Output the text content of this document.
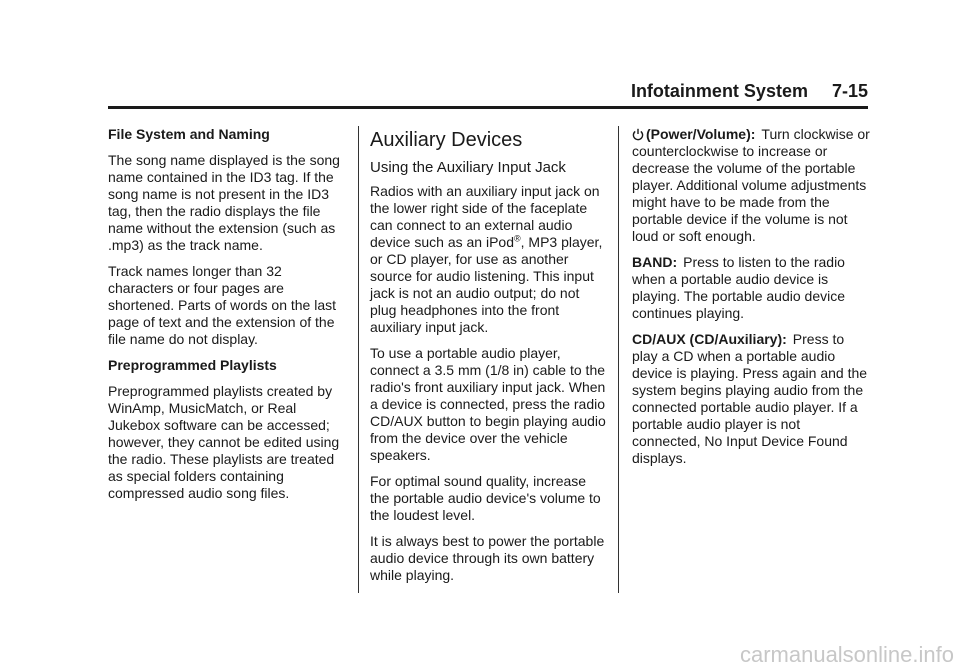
Infotainment System 7-15

File System and Naming

The song name displayed is the song name contained in the ID3 tag. If the song name is not present in the ID3 tag, then the radio displays the file name without the extension (such as .mp3) as the track name.

Track names longer than 32 characters or four pages are shortened. Parts of words on the last page of text and the extension of the file name do not display.

Preprogrammed Playlists

Preprogrammed playlists created by WinAmp, MusicMatch, or Real Jukebox software can be accessed; however, they cannot be edited using the radio. These playlists are treated as special folders containing compressed audio song files.

Auxiliary Devices
Using the Auxiliary Input Jack

Radios with an auxiliary input jack on the lower right side of the faceplate can connect to an external audio device such as an iPod®, MP3 player, or CD player, for use as another source for audio listening. This input jack is not an audio output; do not plug headphones into the front auxiliary input jack.

To use a portable audio player, connect a 3.5 mm (1/8 in) cable to the radio's front auxiliary input jack. When a device is connected, press the radio CD/AUX button to begin playing audio from the device over the vehicle speakers.

For optimal sound quality, increase the portable audio device's volume to the loudest level.

It is always best to power the portable audio device through its own battery while playing.

(Power/Volume): Turn clockwise or counterclockwise to increase or decrease the volume of the portable player. Additional volume adjustments might have to be made from the portable device if the volume is not loud or soft enough.

BAND: Press to listen to the radio when a portable audio device is playing. The portable audio device continues playing.

CD/AUX (CD/Auxiliary): Press to play a CD when a portable audio device is playing. Press again and the system begins playing audio from the connected portable audio player. If a portable audio player is not connected, No Input Device Found displays.

carmanualsonline.info
